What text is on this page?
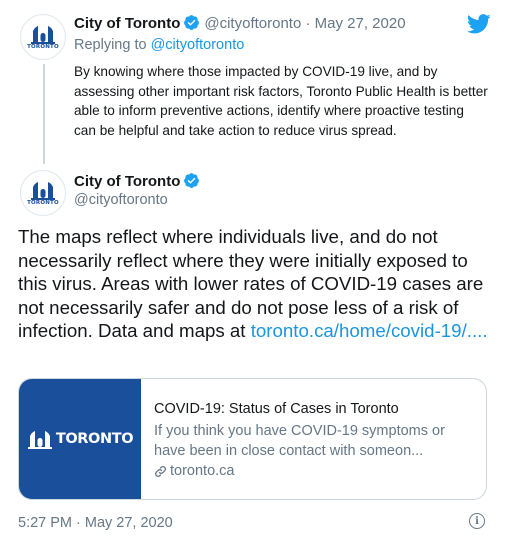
TORONTO
City of Toronto @cityoftoronto · May 27, 2020
Replying to @cityoftoronto
By knowing where those impacted by COVID-19 live, and by assessing other important risk factors, Toronto Public Health is better able to inform preventive actions, identify where proactive testing can be helpful and take action to reduce virus spread.
TORONTO
City of Toronto
@cityoftoronto
The maps reflect where individuals live, and do not necessarily reflect where they were initially exposed to this virus. Areas with lower rates of COVID-19 cases are not necessarily safer and do not pose less of a risk of infection. Data and maps at toronto.ca/home/covid-19/....
TORONTO
COVID-19: Status of Cases in Toronto
If you think you have COVID-19 symptoms or have been in close contact with someon...
toronto.ca
5:27 PM · May 27, 2020	i
